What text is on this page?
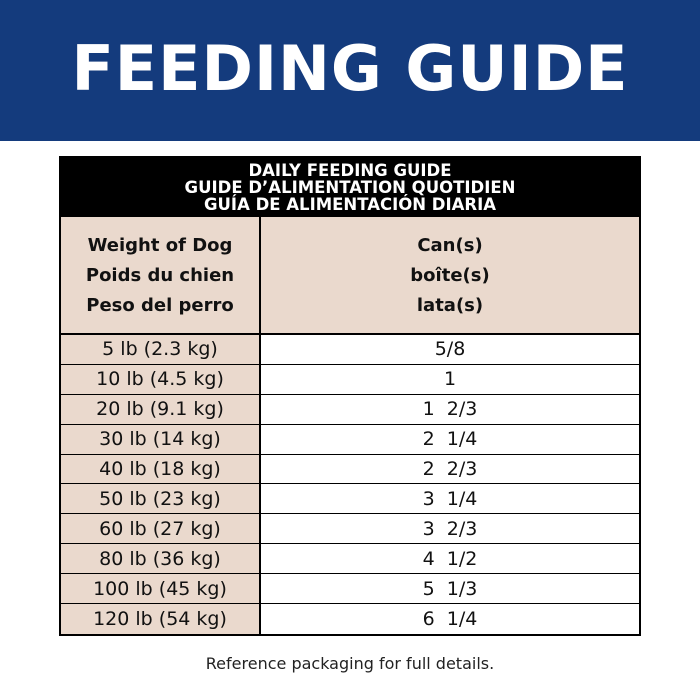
FEEDING GUIDE
DAILY FEEDING GUIDE
GUIDE D’ALIMENTATION QUOTIDIEN
GUÍA DE ALIMENTACIÓN DIARIA
Weight of Dog
Poids du chien
Peso del perro
Can(s)
boîte(s)
lata(s)
5 lb (2.3 kg)	5/8
10 lb (4.5 kg)	1
20 lb (9.1 kg)	1  2/3
30 lb (14 kg)	2  1/4
40 lb (18 kg)	2  2/3
50 lb (23 kg)	3  1/4
60 lb (27 kg)	3  2/3
80 lb (36 kg)	4  1/2
100 lb (45 kg)	5  1/3
120 lb (54 kg)	6  1/4
Reference packaging for full details.
